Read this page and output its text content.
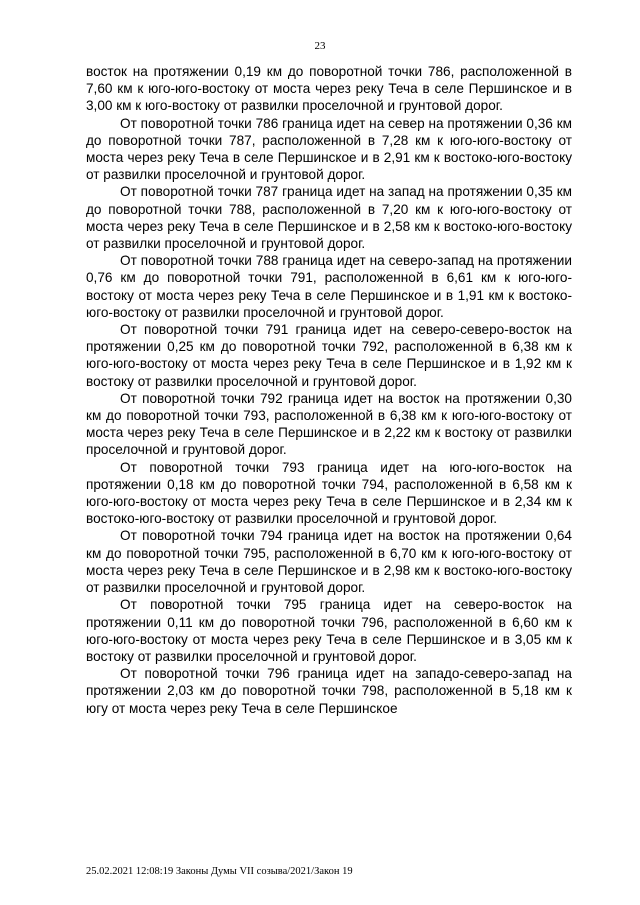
23

восток на протяжении 0,19 км до поворотной точки 786, расположенной в 7,60 км к юго-юго-востоку от моста через реку Теча в селе Першинское и в 3,00 км к юго-востоку от развилки проселочной и грунтовой дорог.

От поворотной точки 786 граница идет на север на протяжении 0,36 км до поворотной точки 787, расположенной в 7,28 км к юго-юго-востоку от моста через реку Теча в селе Першинское и в 2,91 км к востоко-юго-востоку от развилки проселочной и грунтовой дорог.

От поворотной точки 787 граница идет на запад на протяжении 0,35 км до поворотной точки 788, расположенной в 7,20 км к юго-юго-востоку от моста через реку Теча в селе Першинское и в 2,58 км к востоко-юго-востоку от развилки проселочной и грунтовой дорог.

От поворотной точки 788 граница идет на северо-запад на протяжении 0,76 км до поворотной точки 791, расположенной в 6,61 км к юго-юго-востоку от моста через реку Теча в селе Першинское и в 1,91 км к востоко-юго-востоку от развилки проселочной и грунтовой дорог.

От поворотной точки 791 граница идет на северо-северо-восток на протяжении 0,25 км до поворотной точки 792, расположенной в 6,38 км к юго-юго-востоку от моста через реку Теча в селе Першинское и в 1,92 км к востоку от развилки проселочной и грунтовой дорог.

От поворотной точки 792 граница идет на восток на протяжении 0,30 км до поворотной точки 793, расположенной в 6,38 км к юго-юго-востоку от моста через реку Теча в селе Першинское и в 2,22 км к востоку от развилки проселочной и грунтовой дорог.

От поворотной точки 793 граница идет на юго-юго-восток на протяжении 0,18 км до поворотной точки 794, расположенной в 6,58 км к юго-юго-востоку от моста через реку Теча в селе Першинское и в 2,34 км к востоко-юго-востоку от развилки проселочной и грунтовой дорог.

От поворотной точки 794 граница идет на восток на протяжении 0,64 км до поворотной точки 795, расположенной в 6,70 км к юго-юго-востоку от моста через реку Теча в селе Першинское и в 2,98 км к востоко-юго-востоку от развилки проселочной и грунтовой дорог.

От поворотной точки 795 граница идет на северо-восток на протяжении 0,11 км до поворотной точки 796, расположенной в 6,60 км к юго-юго-востоку от моста через реку Теча в селе Першинское и в 3,05 км к востоку от развилки проселочной и грунтовой дорог.

От поворотной точки 796 граница идет на западо-северо-запад на протяжении 2,03 км до поворотной точки 798, расположенной в 5,18 км к югу от моста через реку Теча в селе Першинское

25.02.2021 12:08:19 Законы Думы VII созыва/2021/Закон 19
